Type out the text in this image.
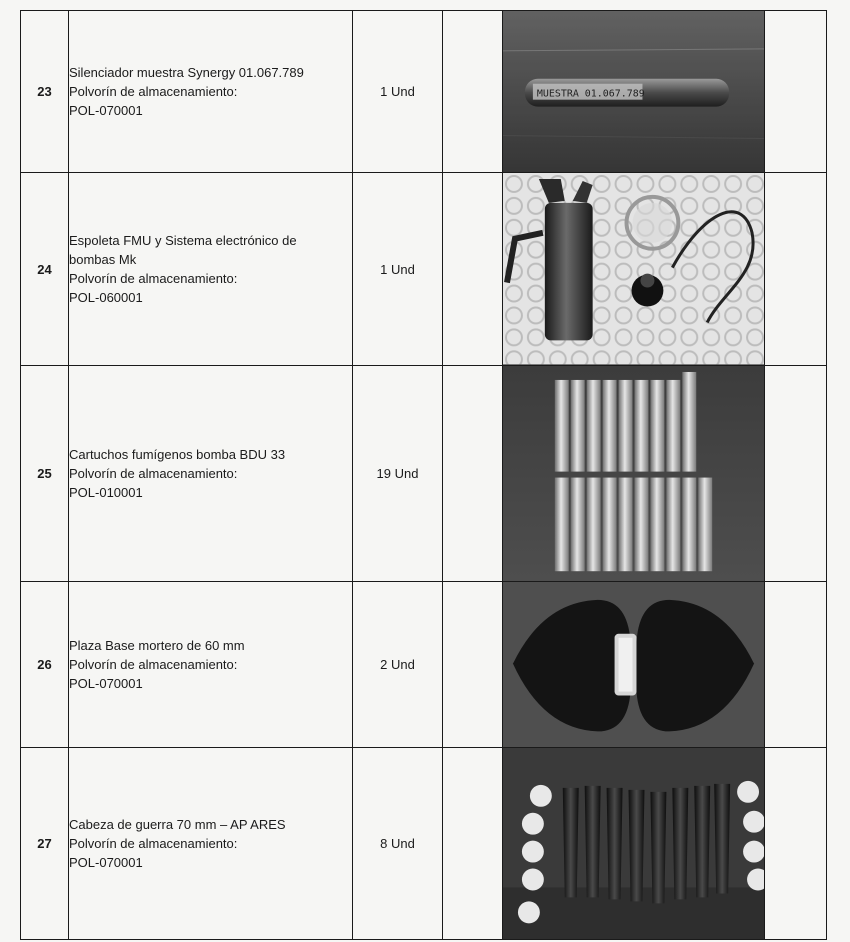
23	Silenciador muestra Synergy 01.067.789
Polvorín de almacenamiento:
POL-070001	1 Und		MUESTRA 01.067.789	

24	Espoleta FMU y Sistema electrónico de
bombas Mk
Polvorín de almacenamiento:
POL-060001	1 Und		

25	Cartuchos fumígenos bomba BDU 33
Polvorín de almacenamiento:
POL-010001	19 Und		

26	Plaza Base mortero de 60 mm
Polvorín de almacenamiento:
POL-070001	2 Und		

27	Cabeza de guerra 70 mm – AP ARES
Polvorín de almacenamiento:
POL-070001	8 Und		
